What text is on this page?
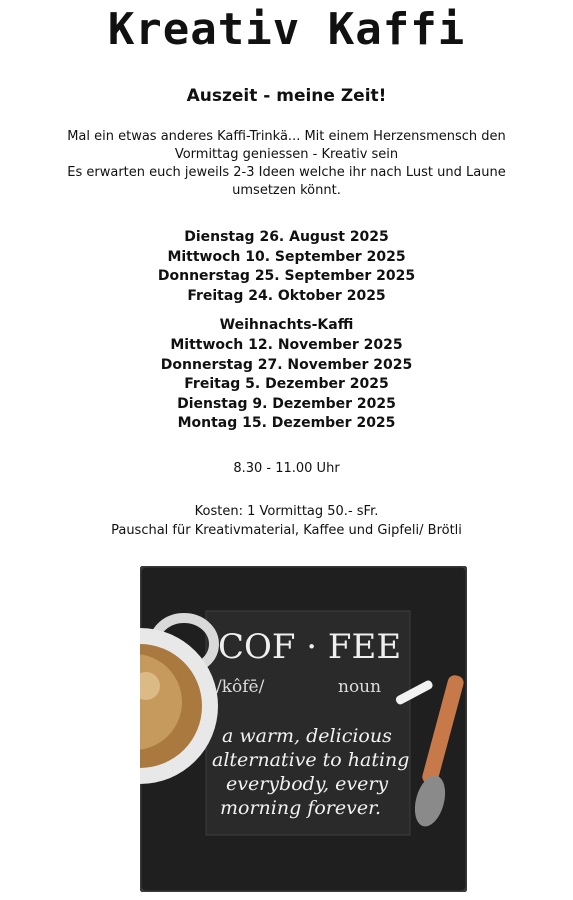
Kreativ Kaffi
Auszeit - meine Zeit!
Mal ein etwas anderes Kaffi-Trinkä... Mit einem Herzensmensch den
Vormittag geniessen - Kreativ sein
Es erwarten euch jeweils 2-3 Ideen welche ihr nach Lust und Laune
umsetzen könnt.
Dienstag 26. August 2025
Mittwoch 10. September 2025
Donnerstag 25. September 2025
Freitag 24. Oktober 2025
Weihnachts-Kaffi
Mittwoch 12. November 2025
Donnerstag 27. November 2025
Freitag 5. Dezember 2025
Dienstag 9. Dezember 2025
Montag 15. Dezember 2025
8.30 - 11.00 Uhr
Kosten: 1 Vormittag 50.- sFr.
Pauschal für Kreativmaterial, Kaffee und Gipfeli/ Brötli
COF · FEE
/kôfē/	noun
a warm, delicious
alternative to hating
everybody, every
morning forever.
